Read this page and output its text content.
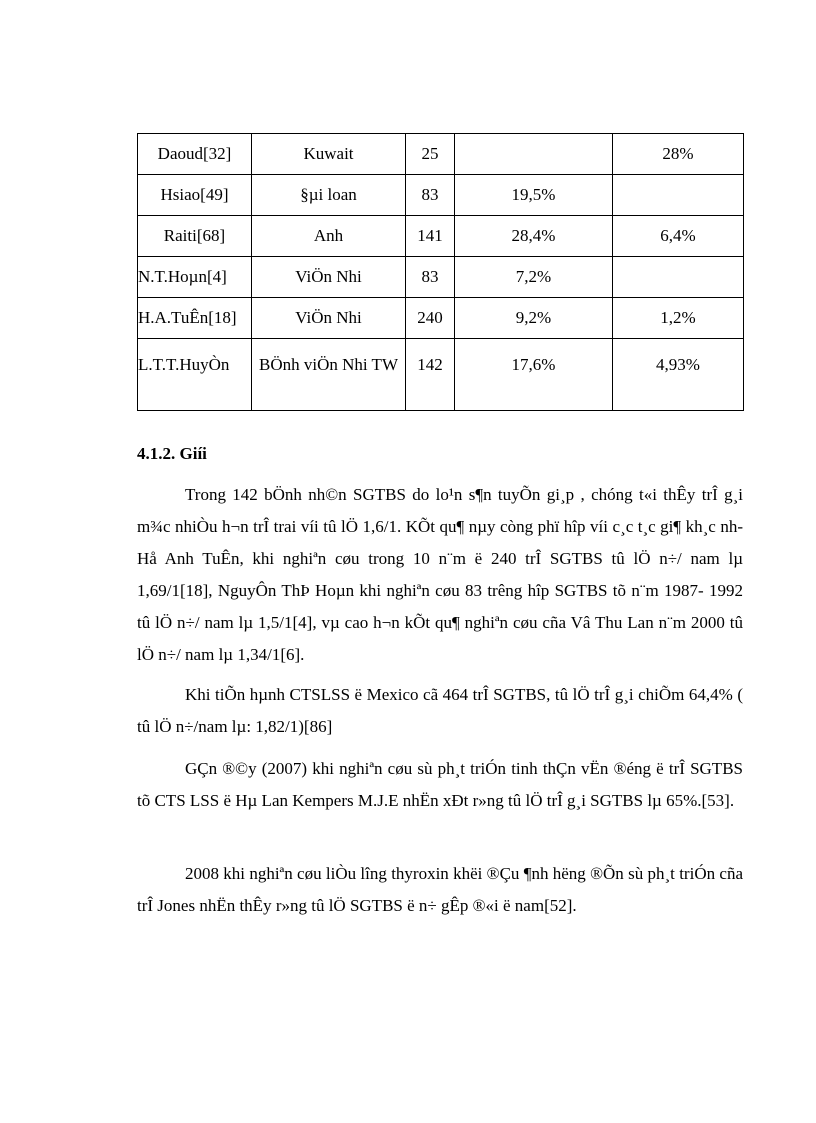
Daoud[32]	Kuwait	25		28%

Hsiao[49]	§µi loan	83	19,5%	

Raiti[68]	Anh	141	28,4%	6,4%

N.T.Hoµn[4]	ViÖn Nhi	83	7,2%	

H.A.TuÊn[18]	ViÖn Nhi	240	9,2%	1,2%

L.T.T.HuyÒn	BÖnh viÖn Nhi TW	142	17,6%	4,93%
4.1.2. Giíi

Trong 142 bÖnh nh©n SGTBS do lo¹n s¶n tuyÕn gi¸p , chóng t«i thÊy trÎ g¸i m¾c nhiÒu h¬n trÎ trai víi tû lÖ 1,6/1. KÕt qu¶ nµy còng phï hîp víi c¸c t¸c gi¶ kh¸c nh Hå Anh TuÊn, khi nghiªn cøu trong 10 n¨m ë 240 trÎ SGTBS tû lÖ n÷/ nam lµ 1,69/1[18], NguyÔn ThÞ Hoµn khi nghiªn cøu 83 trêng hîp SGTBS tõ n¨m 1987- 1992 tû lÖ n÷/ nam lµ 1,5/1[4], vµ cao h¬n kÕt qu¶ nghiªn cøu cña Vâ Thu Lan n¨m 2000 tû lÖ n÷/ nam lµ 1,34/1[6].

Khi tiÕn hµnh CTSLSS ë Mexico cã 464 trÎ SGTBS, tû lÖ trÎ g¸i chiÕm 64,4% ( tû lÖ n÷/nam lµ: 1,82/1)[86]

GÇn ®©y (2007) khi nghiªn cøu sù ph¸t triÓn tinh thÇn vËn ®éng ë trÎ SGTBS tõ CTS LSS ë Hµ Lan Kempers M.J.E nhËn xÐt r»ng tû lÖ trÎ g¸i SGTBS lµ 65%.[53].

2008 khi nghiªn cøu liÒu lîng thyroxin khëi ®Çu ¶nh hëng ®Õn sù ph¸t triÓn cña trÎ Jones nhËn thÊy r»ng tû lÖ SGTBS ë n÷ gÊp ®«i ë nam[52].
